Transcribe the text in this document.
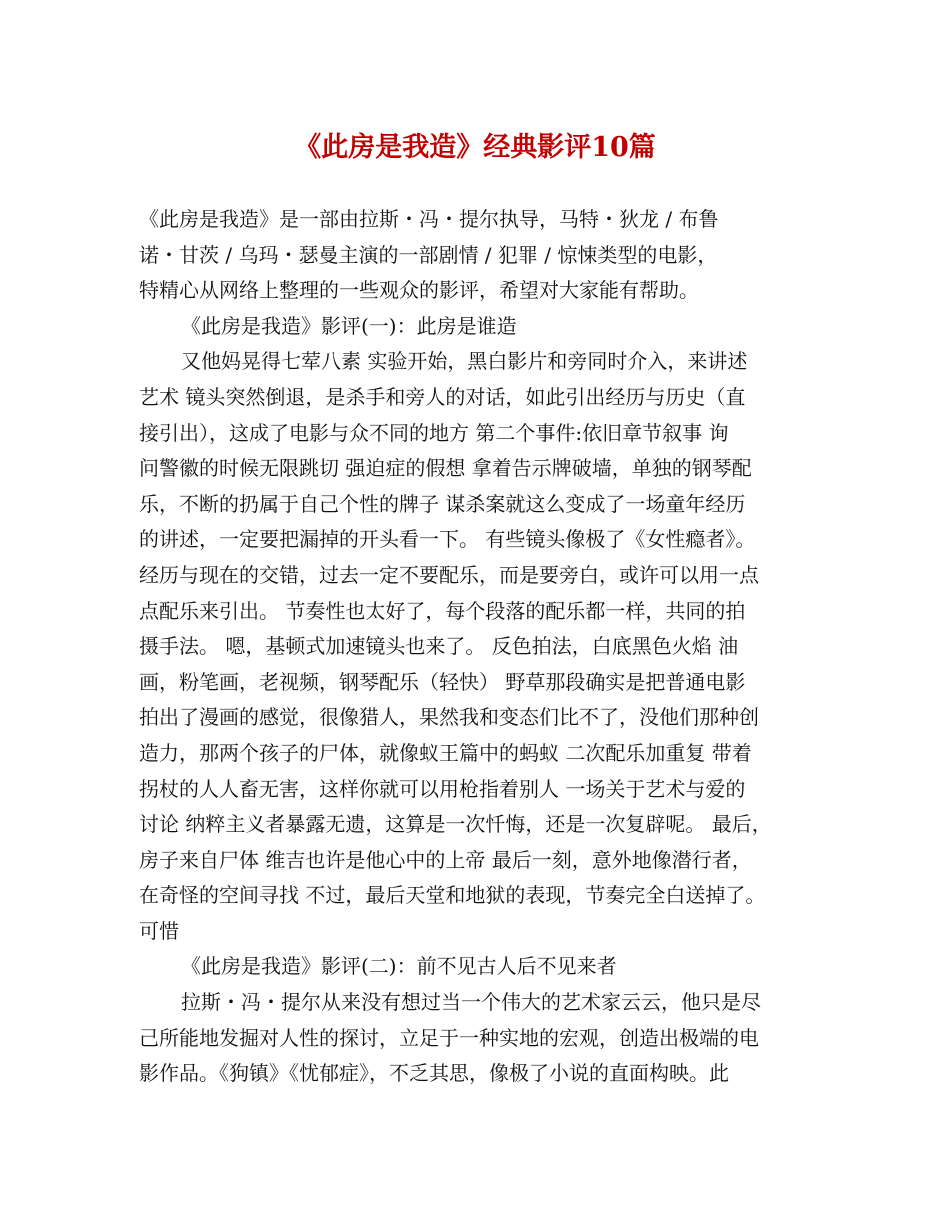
《此房是我造》经典影评10篇
《此房是我造》是一部由拉斯・冯・提尔执导，马特・狄龙 / 布鲁
诺・甘茨 / 乌玛・瑟曼主演的一部剧情 / 犯罪 / 惊悚类型的电影，
特精心从网络上整理的一些观众的影评，希望对大家能有帮助。
《此房是我造》影评(一)：此房是谁造
又他妈晃得七荤八素 实验开始，黑白影片和旁同时介入，来讲述
艺术 镜头突然倒退，是杀手和旁人的对话，如此引出经历与历史（直
接引出），这成了电影与众不同的地方 第二个事件:依旧章节叙事 询
问警徽的时候无限跳切 强迫症的假想 拿着告示牌破墙，单独的钢琴配
乐，不断的扔属于自己个性的牌子 谋杀案就这么变成了一场童年经历
的讲述，一定要把漏掉的开头看一下。 有些镜头像极了《女性瘾者》。
经历与现在的交错，过去一定不要配乐，而是要旁白，或许可以用一点
点配乐来引出。 节奏性也太好了，每个段落的配乐都一样，共同的拍
摄手法。 嗯，基顿式加速镜头也来了。 反色拍法，白底黑色火焰 油
画，粉笔画，老视频，钢琴配乐（轻快） 野草那段确实是把普通电影
拍出了漫画的感觉，很像猎人，果然我和变态们比不了，没他们那种创
造力，那两个孩子的尸体，就像蚁王篇中的蚂蚁 二次配乐加重复 带着
拐杖的人人畜无害，这样你就可以用枪指着别人 一场关于艺术与爱的
讨论 纳粹主义者暴露无遗，这算是一次忏悔，还是一次复辟呢。 最后，
房子来自尸体 维吉也许是他心中的上帝 最后一刻，意外地像潜行者，
在奇怪的空间寻找 不过，最后天堂和地狱的表现，节奏完全白送掉了。
可惜
《此房是我造》影评(二)：前不见古人后不见来者
拉斯・冯・提尔从来没有想过当一个伟大的艺术家云云，他只是尽
己所能地发掘对人性的探讨，立足于一种实地的宏观，创造出极端的电
影作品。《狗镇》《忧郁症》，不乏其思，像极了小说的直面构映。此
